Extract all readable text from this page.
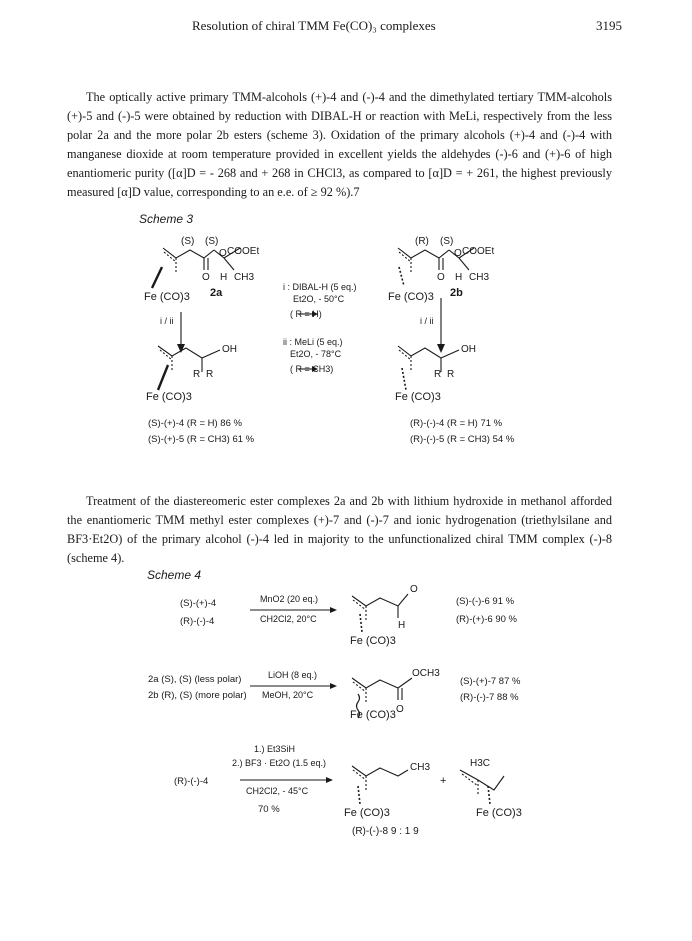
Resolution of chiral TMM Fe(CO)₃ complexes	3195

The optically active primary TMM-alcohols (+)-4 and (-)-4 and the dimethylated tertiary TMM-alcohols (+)-5 and (-)-5 were obtained by reduction with DIBAL-H or reaction with MeLi, respectively from the less polar 2a and the more polar 2b esters (scheme 3). Oxidation of the primary alcohols (+)-4 and (-)-4 with manganese dioxide at room temperature provided in excellent yields the aldehydes (-)-6 and (+)-6 of high enantiomeric purity ([α]D = - 268 and + 268 in CHCl3, as compared to [α]D = + 261, the highest previously measured [α]D value, corresponding to an e.e. of ≥ 92 %).7

Scheme 3
(S) (S)
O COOEt
O H CH3
Fe (CO)3 2a
i / ii
i : DIBAL-H (5 eq.)
Et2O, - 50°C
( R = H)
ii : MeLi (5 eq.)
Et2O, - 78°C
( R = CH3)
(R) (S)
O COOEt
O H CH3
Fe (CO)3 2b
i / ii
OH
R R
Fe (CO)3
OH
R R
Fe (CO)3
(S)-(+)-4 (R = H) 86 %
(S)-(+)-5 (R = CH3) 61 %
(R)-(-)-4 (R = H) 71 %
(R)-(-)-5 (R = CH3) 54 %

Treatment of the diastereomeric ester complexes 2a and 2b with lithium hydroxide in methanol afforded the enantiomeric TMM methyl ester complexes (+)-7 and (-)-7 and ionic hydrogenation (triethylsilane and BF3·Et2O) of the primary alcohol (-)-4 led in majority to the unfunctionalized chiral TMM complex (-)-8 (scheme 4).

Scheme 4
(S)-(+)-4
(R)-(-)-4
MnO2 (20 eq.)
CH2Cl2, 20°C
O
H
Fe (CO)3
(S)-(-)-6 91 %
(R)-(+)-6 90 %
2a (S), (S) (less polar)
2b (R), (S) (more polar)
LiOH (8 eq.)
MeOH, 20°C
OCH3
O
Fe (CO)3
(S)-(+)-7 87 %
(R)-(-)-7 88 %
1.) Et3SiH
2.) BF3 · Et2O (1.5 eq.)
CH2Cl2, - 45°C
70 %
(R)-(-)-4
CH3
+
H3C
Fe (CO)3	Fe (CO)3
(R)-(-)-8 9 : 1 9
